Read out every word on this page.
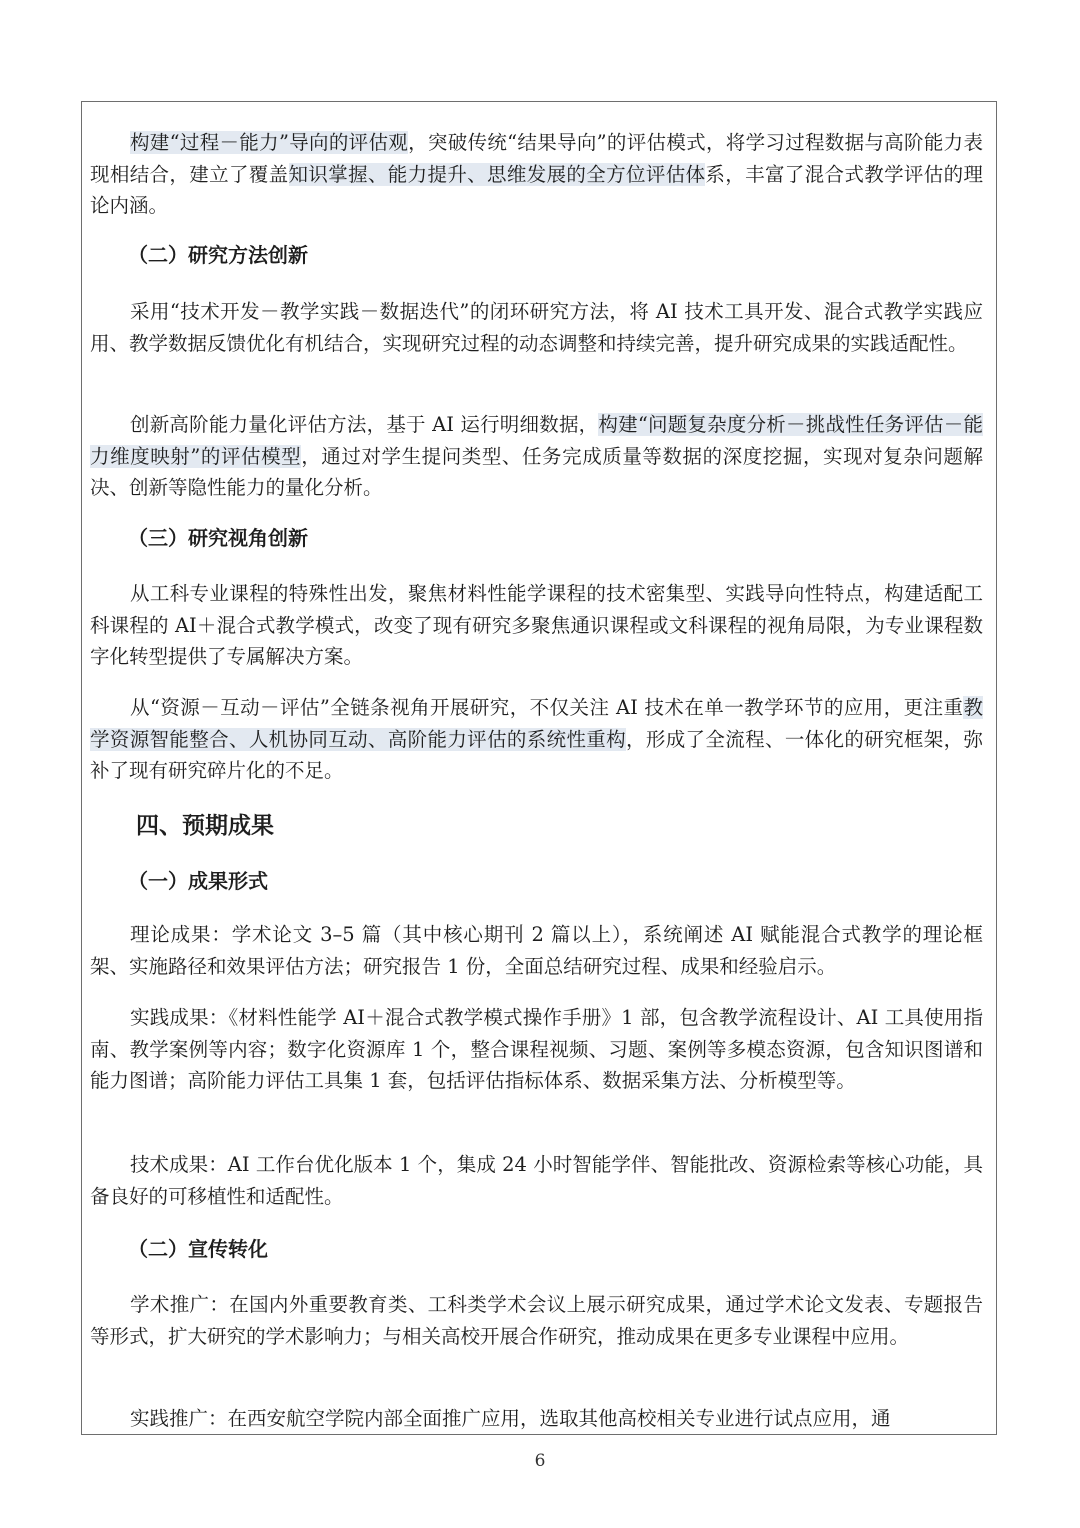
构建“过程－能力”导向的评估观，突破传统“结果导向”的评估模式，将学习过程数据与高阶能力表现相结合，建立了覆盖知识掌握、能力提升、思维发展的全方位评估体系，丰富了混合式教学评估的理论内涵。

（二）研究方法创新

采用“技术开发－教学实践－数据迭代”的闭环研究方法，将 AI 技术工具开发、混合式教学实践应用、教学数据反馈优化有机结合，实现研究过程的动态调整和持续完善，提升研究成果的实践适配性。

创新高阶能力量化评估方法，基于 AI 运行明细数据，构建“问题复杂度分析－挑战性任务评估－能力维度映射”的评估模型，通过对学生提问类型、任务完成质量等数据的深度挖掘，实现对复杂问题解决、创新等隐性能力的量化分析。

（三）研究视角创新

从工科专业课程的特殊性出发，聚焦材料性能学课程的技术密集型、实践导向性特点，构建适配工科课程的 AI＋混合式教学模式，改变了现有研究多聚焦通识课程或文科课程的视角局限，为专业课程数字化转型提供了专属解决方案。

从“资源－互动－评估”全链条视角开展研究，不仅关注 AI 技术在单一教学环节的应用，更注重教学资源智能整合、人机协同互动、高阶能力评估的系统性重构，形成了全流程、一体化的研究框架，弥补了现有研究碎片化的不足。

四、预期成果
（一）成果形式

理论成果：学术论文 3–5 篇（其中核心期刊 2 篇以上），系统阐述 AI 赋能混合式教学的理论框架、实施路径和效果评估方法；研究报告 1 份，全面总结研究过程、成果和经验启示。

实践成果：《材料性能学 AI＋混合式教学模式操作手册》1 部，包含教学流程设计、AI 工具使用指南、教学案例等内容；数字化资源库 1 个，整合课程视频、习题、案例等多模态资源，包含知识图谱和能力图谱；高阶能力评估工具集 1 套，包括评估指标体系、数据采集方法、分析模型等。

技术成果：AI 工作台优化版本 1 个，集成 24 小时智能学伴、智能批改、资源检索等核心功能，具备良好的可移植性和适配性。

（二）宣传转化

学术推广：在国内外重要教育类、工科类学术会议上展示研究成果，通过学术论文发表、专题报告等形式，扩大研究的学术影响力；与相关高校开展合作研究，推动成果在更多专业课程中应用。

实践推广：在西安航空学院内部全面推广应用，选取其他高校相关专业进行试点应用，通

6
